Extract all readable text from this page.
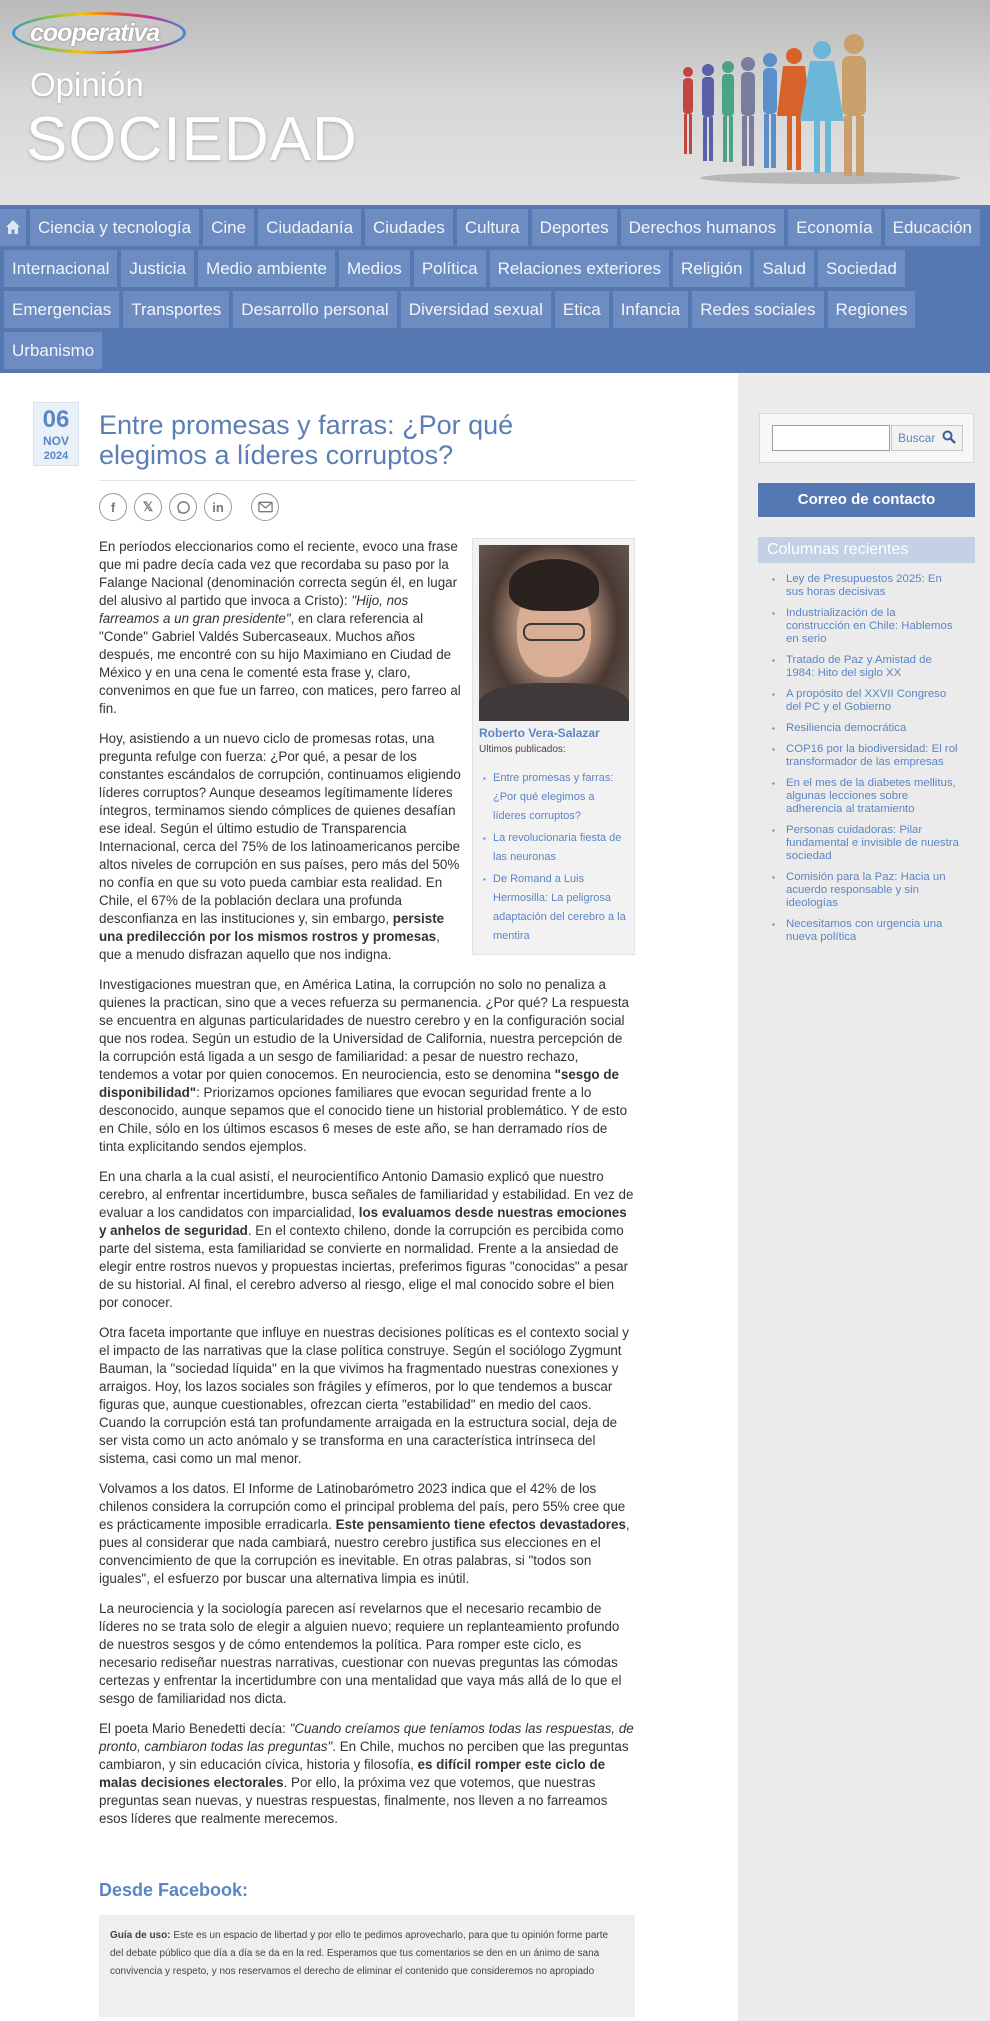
cooperativa
Opinión
SOCIEDAD
Ciencia y tecnología	Cine	Ciudadanía	Ciudades	Cultura	Deportes	Derechos humanos	Economía	Educación
Internacional	Justicia	Medio ambiente	Medios	Política	Relaciones exteriores	Religión	Salud	Sociedad
Emergencias	Transportes	Desarrollo personal	Diversidad sexual	Etica	Infancia	Redes sociales	Regiones
Urbanismo
06
NOV
2024
Entre promesas y farras: ¿Por qué elegimos a líderes corruptos?
f	𝕏	in
Roberto Vera-Salazar
Ultimos publicados:
▪ Entre promesas y farras: ¿Por qué elegimos a líderes corruptos?
▪ La revolucionaria fiesta de las neuronas
▪ De Romand a Luis Hermosilla: La peligrosa adaptación del cerebro a la mentira

En períodos eleccionarios como el reciente, evoco una frase que mi padre decía cada vez que recordaba su paso por la Falange Nacional (denominación correcta según él, en lugar del alusivo al partido que invoca a Cristo): "Hijo, nos farreamos a un gran presidente", en clara referencia al "Conde" Gabriel Valdés Subercaseaux. Muchos años después, me encontré con su hijo Maximiano en Ciudad de México y en una cena le comenté esta frase y, claro, convenimos en que fue un farreo, con matices, pero farreo al fin.

Hoy, asistiendo a un nuevo ciclo de promesas rotas, una pregunta refulge con fuerza: ¿Por qué, a pesar de los constantes escándalos de corrupción, continuamos eligiendo líderes corruptos? Aunque deseamos legítimamente líderes íntegros, terminamos siendo cómplices de quienes desafían ese ideal. Según el último estudio de Transparencia Internacional, cerca del 75% de los latinoamericanos percibe altos niveles de corrupción en sus países, pero más del 50% no confía en que su voto pueda cambiar esta realidad. En Chile, el 67% de la población declara una profunda desconfianza en las instituciones y, sin embargo, persiste una predilección por los mismos rostros y promesas, que a menudo disfrazan aquello que nos indigna.

Investigaciones muestran que, en América Latina, la corrupción no solo no penaliza a quienes la practican, sino que a veces refuerza su permanencia. ¿Por qué? La respuesta se encuentra en algunas particularidades de nuestro cerebro y en la configuración social que nos rodea. Según un estudio de la Universidad de California, nuestra percepción de la corrupción está ligada a un sesgo de familiaridad: a pesar de nuestro rechazo, tendemos a votar por quien conocemos. En neurociencia, esto se denomina "sesgo de disponibilidad": Priorizamos opciones familiares que evocan seguridad frente a lo desconocido, aunque sepamos que el conocido tiene un historial problemático. Y de esto en Chile, sólo en los últimos escasos 6 meses de este año, se han derramado ríos de tinta explicitando sendos ejemplos.

En una charla a la cual asistí, el neurocientífico Antonio Damasio explicó que nuestro cerebro, al enfrentar incertidumbre, busca señales de familiaridad y estabilidad. En vez de evaluar a los candidatos con imparcialidad, los evaluamos desde nuestras emociones y anhelos de seguridad. En el contexto chileno, donde la corrupción es percibida como parte del sistema, esta familiaridad se convierte en normalidad. Frente a la ansiedad de elegir entre rostros nuevos y propuestas inciertas, preferimos figuras "conocidas" a pesar de su historial. Al final, el cerebro adverso al riesgo, elige el mal conocido sobre el bien por conocer.

Otra faceta importante que influye en nuestras decisiones políticas es el contexto social y el impacto de las narrativas que la clase política construye. Según el sociólogo Zygmunt Bauman, la "sociedad líquida" en la que vivimos ha fragmentado nuestras conexiones y arraigos. Hoy, los lazos sociales son frágiles y efímeros, por lo que tendemos a buscar figuras que, aunque cuestionables, ofrezcan cierta "estabilidad" en medio del caos. Cuando la corrupción está tan profundamente arraigada en la estructura social, deja de ser vista como un acto anómalo y se transforma en una característica intrínseca del sistema, casi como un mal menor.

Volvamos a los datos. El Informe de Latinobarómetro 2023 indica que el 42% de los chilenos considera la corrupción como el principal problema del país, pero 55% cree que es prácticamente imposible erradicarla. Este pensamiento tiene efectos devastadores, pues al considerar que nada cambiará, nuestro cerebro justifica sus elecciones en el convencimiento de que la corrupción es inevitable. En otras palabras, si "todos son iguales", el esfuerzo por buscar una alternativa limpia es inútil.

La neurociencia y la sociología parecen así revelarnos que el necesario recambio de líderes no se trata solo de elegir a alguien nuevo; requiere un replanteamiento profundo de nuestros sesgos y de cómo entendemos la política. Para romper este ciclo, es necesario rediseñar nuestras narrativas, cuestionar con nuevas preguntas las cómodas certezas y enfrentar la incertidumbre con una mentalidad que vaya más allá de lo que el sesgo de familiaridad nos dicta.

El poeta Mario Benedetti decía: "Cuando creíamos que teníamos todas las respuestas, de pronto, cambiaron todas las preguntas". En Chile, muchos no perciben que las preguntas cambiaron, y sin educación cívica, historia y filosofía, es difícil romper este ciclo de malas decisiones electorales. Por ello, la próxima vez que votemos, que nuestras preguntas sean nuevas, y nuestras respuestas, finalmente, nos lleven a no farreamos esos líderes que realmente merecemos.

Desde Facebook:
Guía de uso: Este es un espacio de libertad y por ello te pedimos aprovecharlo, para que tu opinión forme parte del debate público que día a día se da en la red. Esperamos que tus comentarios se den en un ánimo de sana convivencia y respeto, y nos reservamos el derecho de eliminar el contenido que consideremos no apropiado
Buscar
Correo de contacto
Columnas recientes
▪ Ley de Presupuestos 2025: En sus horas decisivas
▪ Industrialización de la construcción en Chile: Hablemos en serio
▪ Tratado de Paz y Amistad de 1984: Hito del siglo XX
▪ A propósito del XXVII Congreso del PC y el Gobierno
▪ Resiliencia democrática
▪ COP16 por la biodiversidad: El rol transformador de las empresas
▪ En el mes de la diabetes mellitus, algunas lecciones sobre adherencia al tratamiento
▪ Personas cuidadoras: Pilar fundamental e invisible de nuestra sociedad
▪ Comisión para la Paz: Hacia un acuerdo responsable y sin ideologías
▪ Necesitamos con urgencia una nueva política
